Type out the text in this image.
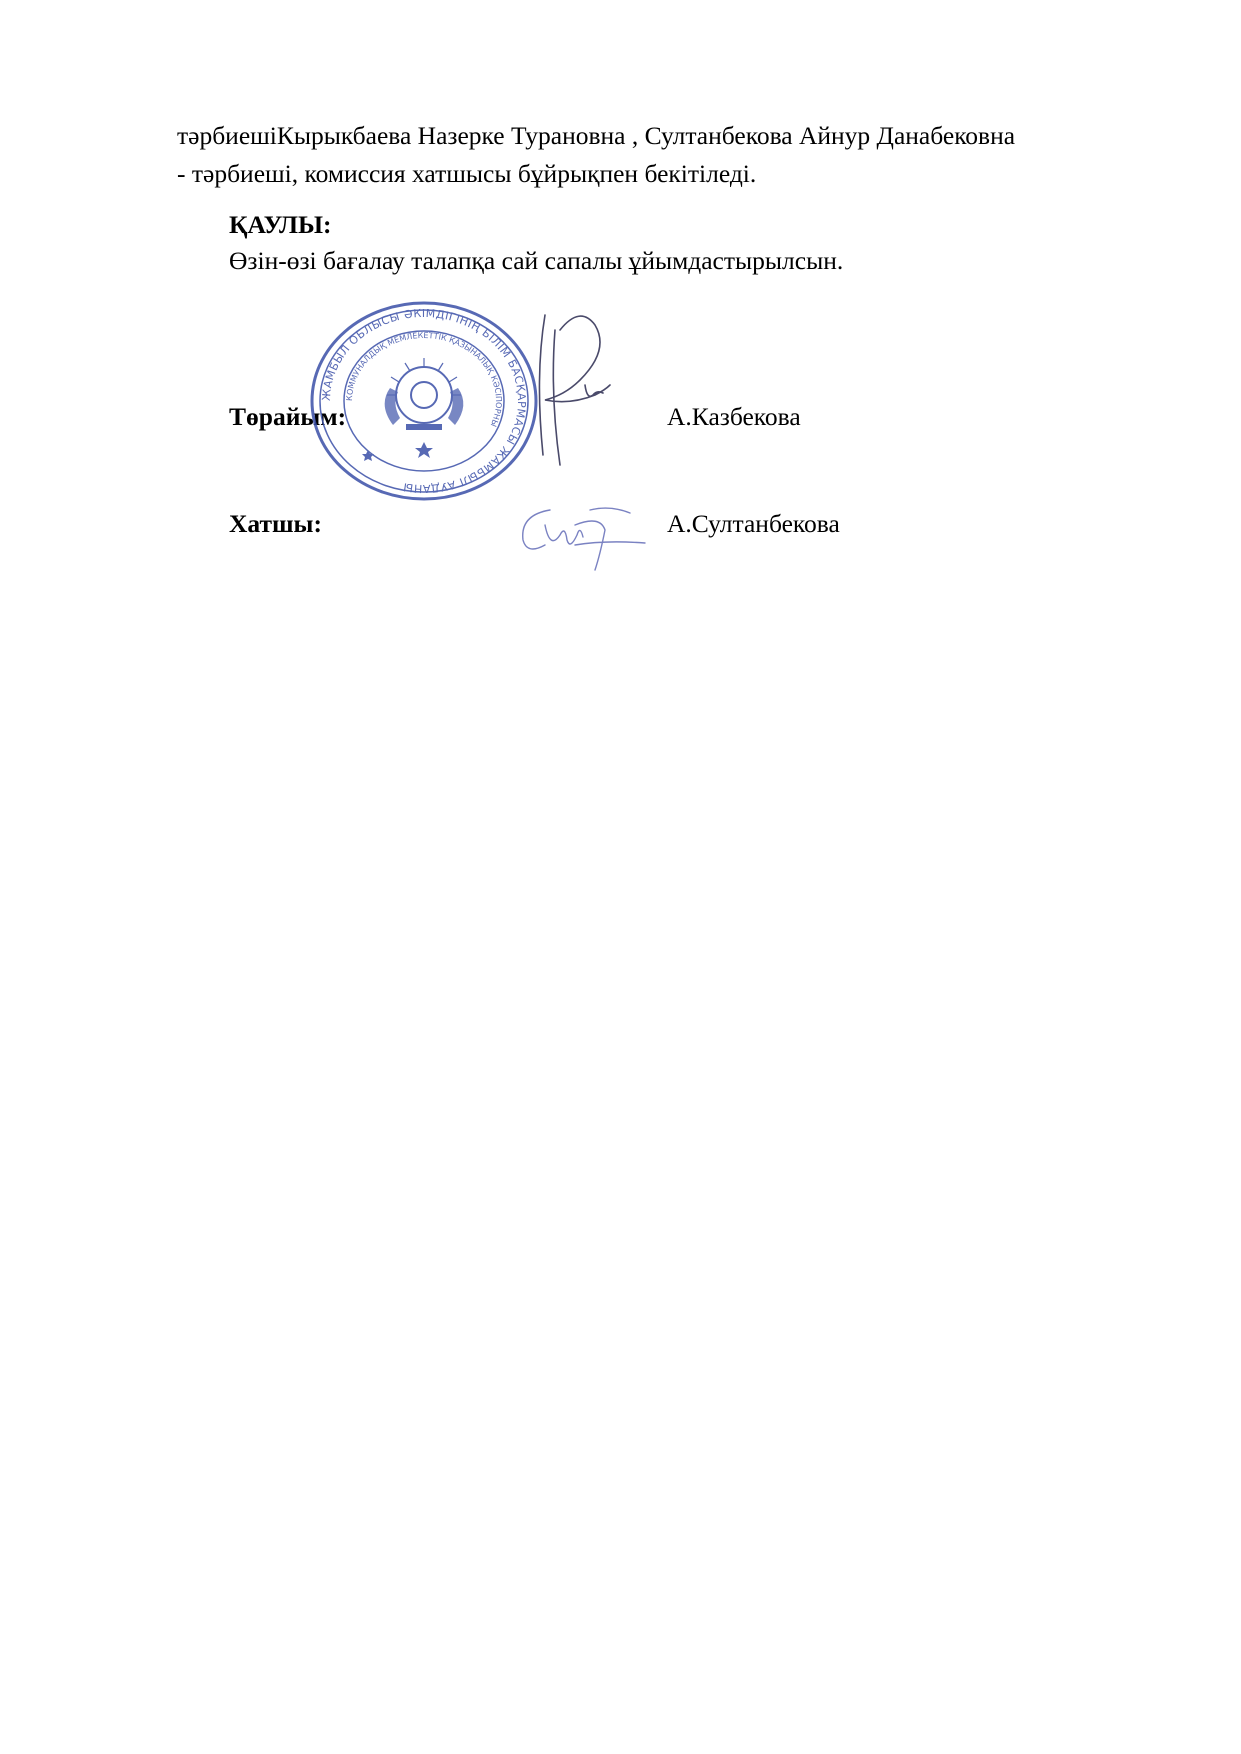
тәрбиешіКырыкбаева Назерке Турановна , Султанбекова Айнур Данабековна
- тәрбиеші, комиссия хатшысы бұйрықпен бекітіледі.
ҚАУЛЫ:
Өзін-өзі бағалау талапқа сай сапалы ұйымдастырылсын.
Төрайым:	А.Казбекова
Хатшы:	А.Султанбекова
ЖАМБЫЛ ОБЛЫСЫ ӘКІМДІГІНІҢ БІЛІМ БАСҚАРМАСЫ ЖАМБЫЛ АУДАНЫ
КОММУНАЛДЫҚ МЕМЛЕКЕТТІК ҚАЗЫНАЛЫҚ КӘСІПОРНЫ
